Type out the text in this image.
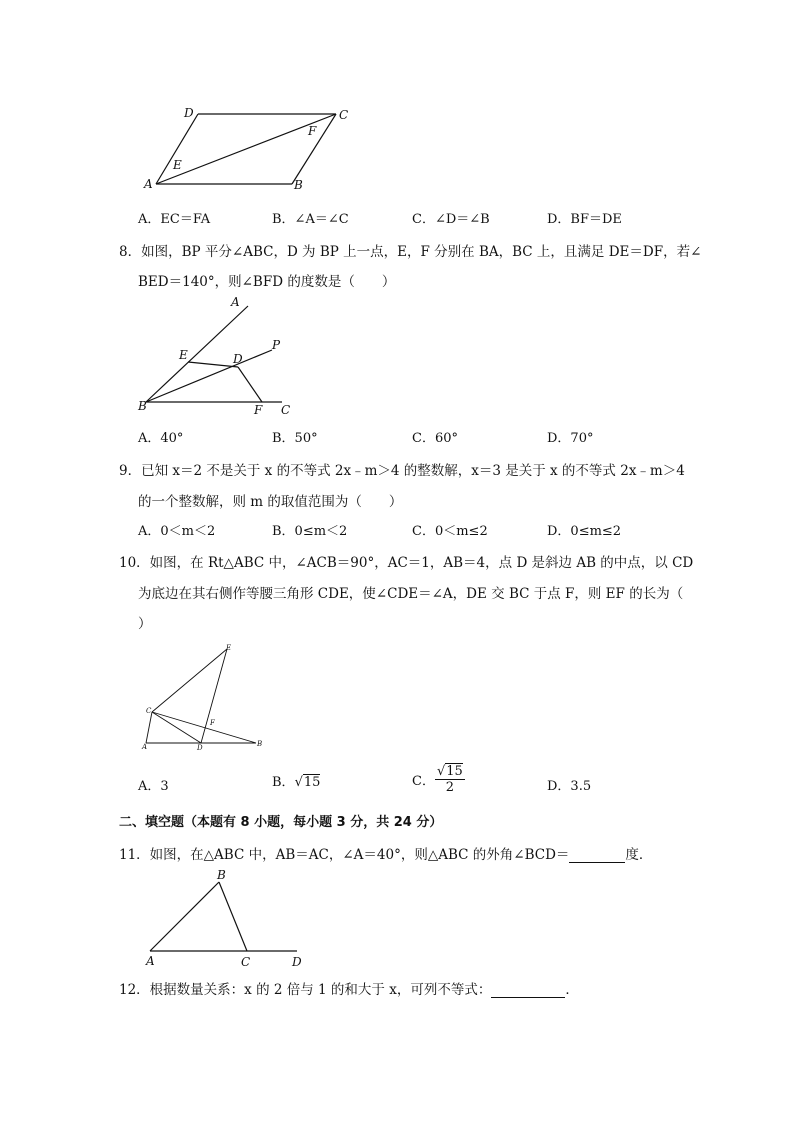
A	B
C
D
E
F
A．EC＝FA	B．∠A＝∠C	C．∠D＝∠B	D．BF＝DE
8．如图，BP 平分∠ABC，D 为 BP 上一点，E，F 分别在 BA，BC 上，且满足 DE＝DF，若∠
BED＝140°，则∠BFD 的度数是（　　）
A
P
E	D
B	F C
A．40°	B．50°	C．60°	D．70°
9．已知 x＝2 不是关于 x 的不等式 2x﹣m＞4 的整数解，x＝3 是关于 x 的不等式 2x﹣m＞4
的一个整数解，则 m 的取值范围为（　　）
A．0＜m＜2	B．0≤m＜2	C．0＜m≤2	D．0≤m≤2
10．如图，在 Rt△ABC 中，∠ACB＝90°，AC＝1，AB＝4，点 D 是斜边 AB 的中点，以 CD
为底边在其右侧作等腰三角形 CDE，使∠CDE＝∠A，DE 交 BC 于点 F，则 EF 的长为（
）
A	B
C
D
E
F
A．3	B．√15	C． $\frac{√15}{2}$	D．3.5
二、填空题（本题有 8 小题，每小题 3 分，共 24 分）
11．如图，在△ABC 中，AB＝AC，∠A＝40°，则△ABC 的外角∠BCD＝	度．
A
B
C	D
12．根据数量关系：x 的 2 倍与 1 的和大于 x，可列不等式：	．
